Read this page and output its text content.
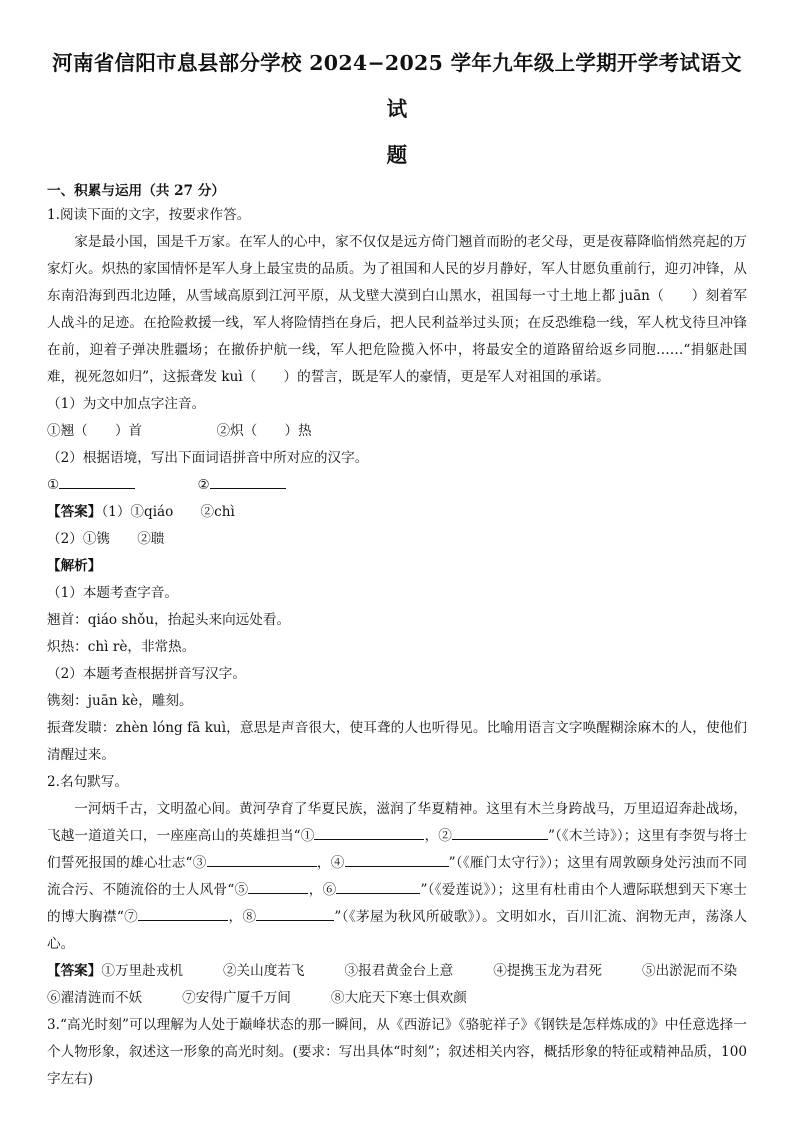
河南省信阳市息县部分学校 2024−2025 学年九年级上学期开学考试语文试
题
一、积累与运用（共 27 分）
1.阅读下面的文字，按要求作答。
家是最小国，国是千万家。在军人的心中，家不仅仅是远方倚门翘首而盼的老父母，更是夜幕降临悄然亮起的万家灯火。炽热的家国情怀是军人身上最宝贵的品质。为了祖国和人民的岁月静好，军人甘愿负重前行，迎刃冲锋，从东南沿海到西北边陲，从雪域高原到江河平原，从戈壁大漠到白山黑水，祖国每一寸土地上都 juān（　　）刻着军人战斗的足迹。在抢险救援一线，军人将险情挡在身后，把人民利益举过头顶；在反恐维稳一线，军人枕戈待旦冲锋在前，迎着子弹决胜疆场；在撤侨护航一线，军人把危险揽入怀中，将最安全的道路留给返乡同胞……“捐躯赴国难，视死忽如归”，这振聋发 kuì（　　）的誓言，既是军人的豪情，更是军人对祖国的承诺。
（1）为文中加点字注音。
①翘（　　）首	②炽（　　）热
（2）根据语境，写出下面词语拼音中所对应的汉字。
①	②
【答案】（1）①qiáo　　②chì
（2）①镌　　②聩
【解析】
（1）本题考查字音。
翘首：qiáo shǒu，抬起头来向远处看。
炽热：chì rè，非常热。
（2）本题考查根据拼音写汉字。
镌刻：juān kè，雕刻。
振聋发聩：zhèn lóng fā kuì，意思是声音很大，使耳聋的人也听得见。比喻用语言文字唤醒糊涂麻木的人，使他们清醒过来。
2.名句默写。
一河炳千古，文明盈心间。黄河孕育了华夏民族，滋润了华夏精神。这里有木兰身跨战马，万里迢迢奔赴战场，飞越一道道关口，一座座高山的英雄担当“①	，②	”（《木兰诗》）；这里有李贺与将士们誓死报国的雄心壮志“③	，④	”（《雁门太守行》）；这里有周敦颐身处污浊而不同流合污、不随流俗的士人风骨“⑤	，⑥	”（《爱莲说》）；这里有杜甫由个人遭际联想到天下寒士的博大胸襟“⑦	，⑧	”（《茅屋为秋风所破歌》）。文明如水，百川汇流、润物无声，荡涤人心。
【答案】①万里赴戎机	②关山度若飞	③报君黄金台上意	④提携玉龙为君死	⑤出淤泥而不染
⑥濯清涟而不妖	⑦安得广厦千万间	⑧大庇天下寒士俱欢颜
3.“高光时刻”可以理解为人处于巅峰状态的那一瞬间，从《西游记》《骆驼祥子》《钢铁是怎样炼成的》中任意选择一个人物形象，叙述这一形象的高光时刻。(要求：写出具体“时刻”；叙述相关内容，概括形象的特征或精神品质，100 字左右)
